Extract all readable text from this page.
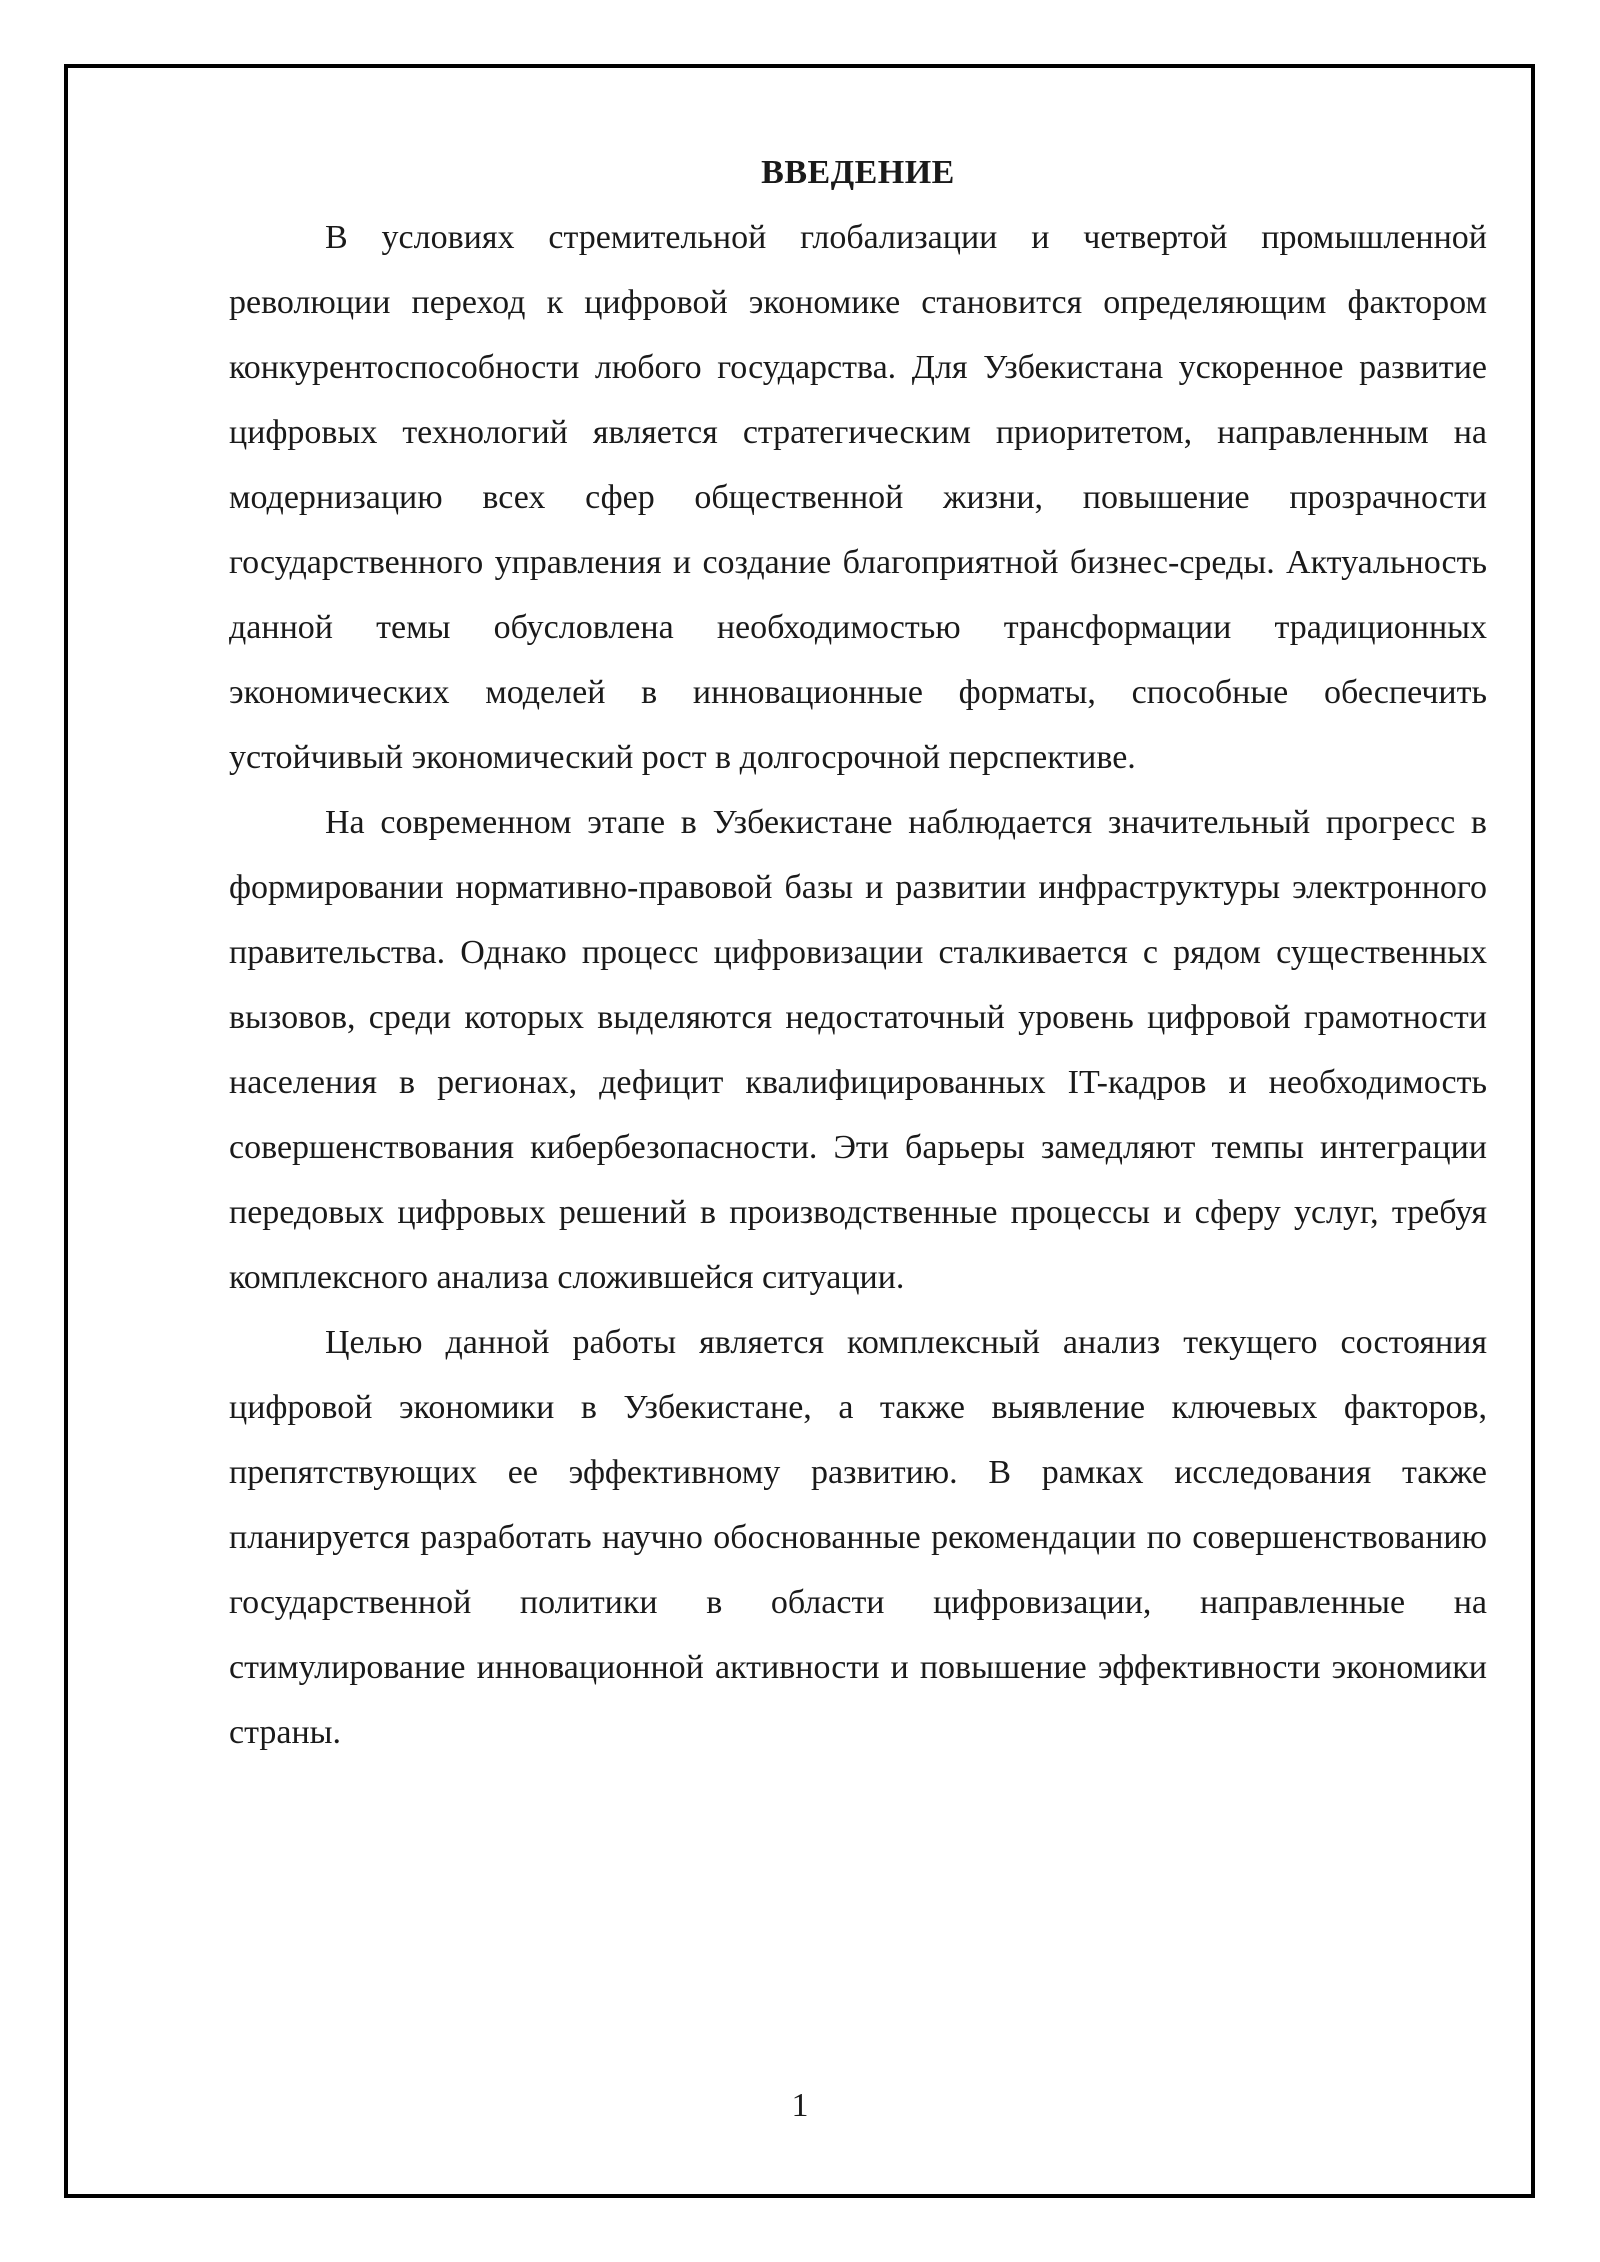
ВВЕДЕНИЕ

В условиях стремительной глобализации и четвертой промышленной революции переход к цифровой экономике становится определяющим фактором конкурентоспособности любого государства. Для Узбекистана ускоренное развитие цифровых технологий является стратегическим приоритетом, направленным на модернизацию всех сфер общественной жизни, повышение прозрачности государственного управления и создание благоприятной бизнес-среды. Актуальность данной темы обусловлена необходимостью трансформации традиционных экономических моделей в инновационные форматы, способные обеспечить устойчивый экономический рост в долгосрочной перспективе.

На современном этапе в Узбекистане наблюдается значительный прогресс в формировании нормативно-правовой базы и развитии инфраструктуры электронного правительства. Однако процесс цифровизации сталкивается с рядом существенных вызовов, среди которых выделяются недостаточный уровень цифровой грамотности населения в регионах, дефицит квалифицированных IT-кадров и необходимость совершенствования кибербезопасности. Эти барьеры замедляют темпы интеграции передовых цифровых решений в производственные процессы и сферу услуг, требуя комплексного анализа сложившейся ситуации.

Целью данной работы является комплексный анализ текущего состояния цифровой экономики в Узбекистане, а также выявление ключевых факторов, препятствующих ее эффективному развитию. В рамках исследования также планируется разработать научно обоснованные рекомендации по совершенствованию государственной политики в области цифровизации, направленные на стимулирование инновационной активности и повышение эффективности экономики страны.

1
